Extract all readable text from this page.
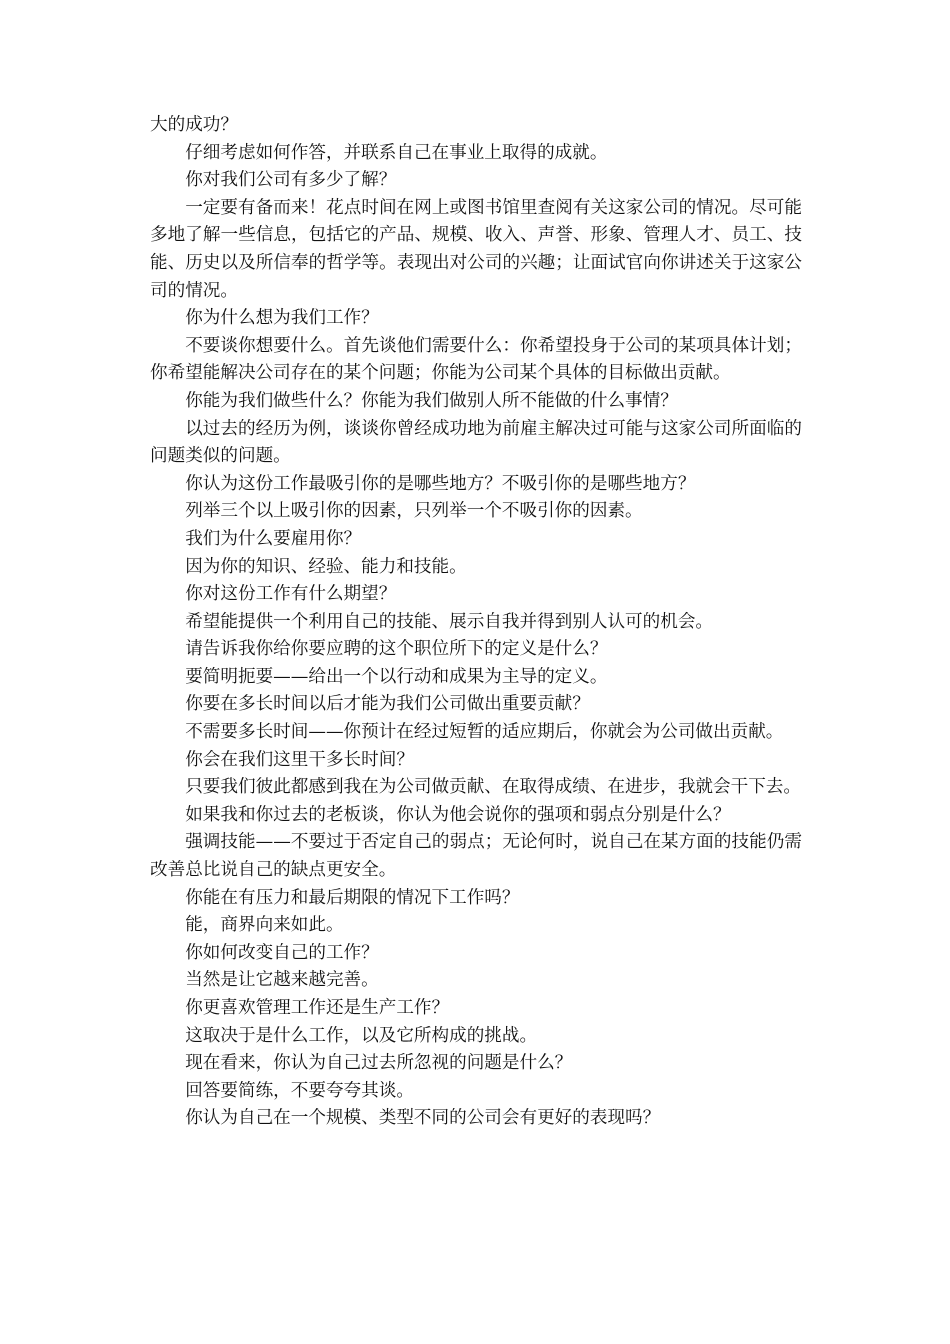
大的成功？

仔细考虑如何作答，并联系自己在事业上取得的成就。

你对我们公司有多少了解？

一定要有备而来！花点时间在网上或图书馆里查阅有关这家公司的情况。尽可能多地了解一些信息，包括它的产品、规模、收入、声誉、形象、管理人才、员工、技能、历史以及所信奉的哲学等。表现出对公司的兴趣；让面试官向你讲述关于这家公司的情况。

你为什么想为我们工作？

不要谈你想要什么。首先谈他们需要什么：你希望投身于公司的某项具体计划；你希望能解决公司存在的某个问题；你能为公司某个具体的目标做出贡献。

你能为我们做些什么？你能为我们做别人所不能做的什么事情？

以过去的经历为例，谈谈你曾经成功地为前雇主解决过可能与这家公司所面临的问题类似的问题。

你认为这份工作最吸引你的是哪些地方？不吸引你的是哪些地方？

列举三个以上吸引你的因素，只列举一个不吸引你的因素。

我们为什么要雇用你？

因为你的知识、经验、能力和技能。

你对这份工作有什么期望？

希望能提供一个利用自己的技能、展示自我并得到别人认可的机会。

请告诉我你给你要应聘的这个职位所下的定义是什么？

要简明扼要——给出一个以行动和成果为主导的定义。

你要在多长时间以后才能为我们公司做出重要贡献？

不需要多长时间——你预计在经过短暂的适应期后，你就会为公司做出贡献。

你会在我们这里干多长时间？

只要我们彼此都感到我在为公司做贡献、在取得成绩、在进步，我就会干下去。

如果我和你过去的老板谈，你认为他会说你的强项和弱点分别是什么？

强调技能——不要过于否定自己的弱点；无论何时，说自己在某方面的技能仍需改善总比说自己的缺点更安全。

你能在有压力和最后期限的情况下工作吗？

能，商界向来如此。

你如何改变自己的工作？

当然是让它越来越完善。

你更喜欢管理工作还是生产工作？

这取决于是什么工作，以及它所构成的挑战。

现在看来，你认为自己过去所忽视的问题是什么？

回答要简练，不要夸夸其谈。

你认为自己在一个规模、类型不同的公司会有更好的表现吗？
